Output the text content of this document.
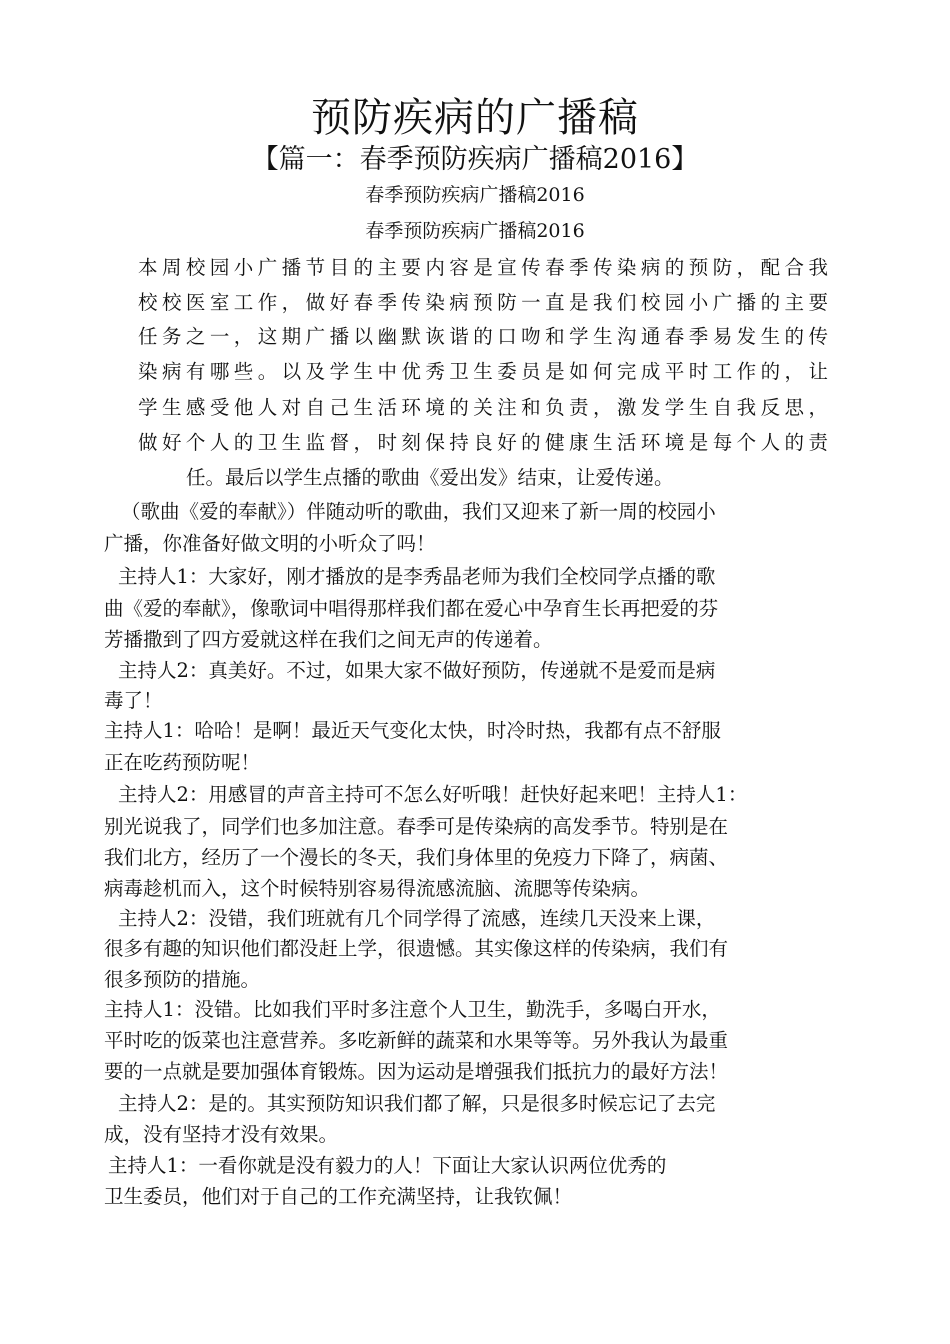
预防疾病的广播稿
【篇一：春季预防疾病广播稿2016】
春季预防疾病广播稿2016
春季预防疾病广播稿2016
本周校园小广播节目的主要内容是宣传春季传染病的预防，配合我
校校医室工作，做好春季传染病预防一直是我们校园小广播的主要
任务之一，这期广播以幽默诙谐的口吻和学生沟通春季易发生的传
染病有哪些。以及学生中优秀卫生委员是如何完成平时工作的，让
学生感受他人对自己生活环境的关注和负责，激发学生自我反思，
做好个人的卫生监督，时刻保持良好的健康生活环境是每个人的责
任。最后以学生点播的歌曲《爱出发》结束，让爱传递。
（歌曲《爱的奉献》）伴随动听的歌曲，我们又迎来了新一周的校园小
广播，你准备好做文明的小听众了吗！
主持人1：大家好，刚才播放的是李秀晶老师为我们全校同学点播的歌
曲《爱的奉献》，像歌词中唱得那样我们都在爱心中孕育生长再把爱的芬
芳播撒到了四方爱就这样在我们之间无声的传递着。
主持人2：真美好。不过，如果大家不做好预防，传递就不是爱而是病
毒了！
主持人1：哈哈！是啊！最近天气变化太快，时冷时热，我都有点不舒服
正在吃药预防呢！
主持人2：用感冒的声音主持可不怎么好听哦！赶快好起来吧！主持人1：
别光说我了，同学们也多加注意。春季可是传染病的高发季节。特别是在
我们北方，经历了一个漫长的冬天，我们身体里的免疫力下降了，病菌、
病毒趁机而入，这个时候特别容易得流感流脑、流腮等传染病。
主持人2：没错，我们班就有几个同学得了流感，连续几天没来上课，
很多有趣的知识他们都没赶上学，很遗憾。其实像这样的传染病，我们有
很多预防的措施。
主持人1：没错。比如我们平时多注意个人卫生，勤洗手，多喝白开水，
平时吃的饭菜也注意营养。多吃新鲜的蔬菜和水果等等。另外我认为最重
要的一点就是要加强体育锻炼。因为运动是增强我们抵抗力的最好方法！
主持人2：是的。其实预防知识我们都了解，只是很多时候忘记了去完
成，没有坚持才没有效果。
主持人1：一看你就是没有毅力的人！下面让大家认识两位优秀的
卫生委员，他们对于自己的工作充满坚持，让我钦佩！
